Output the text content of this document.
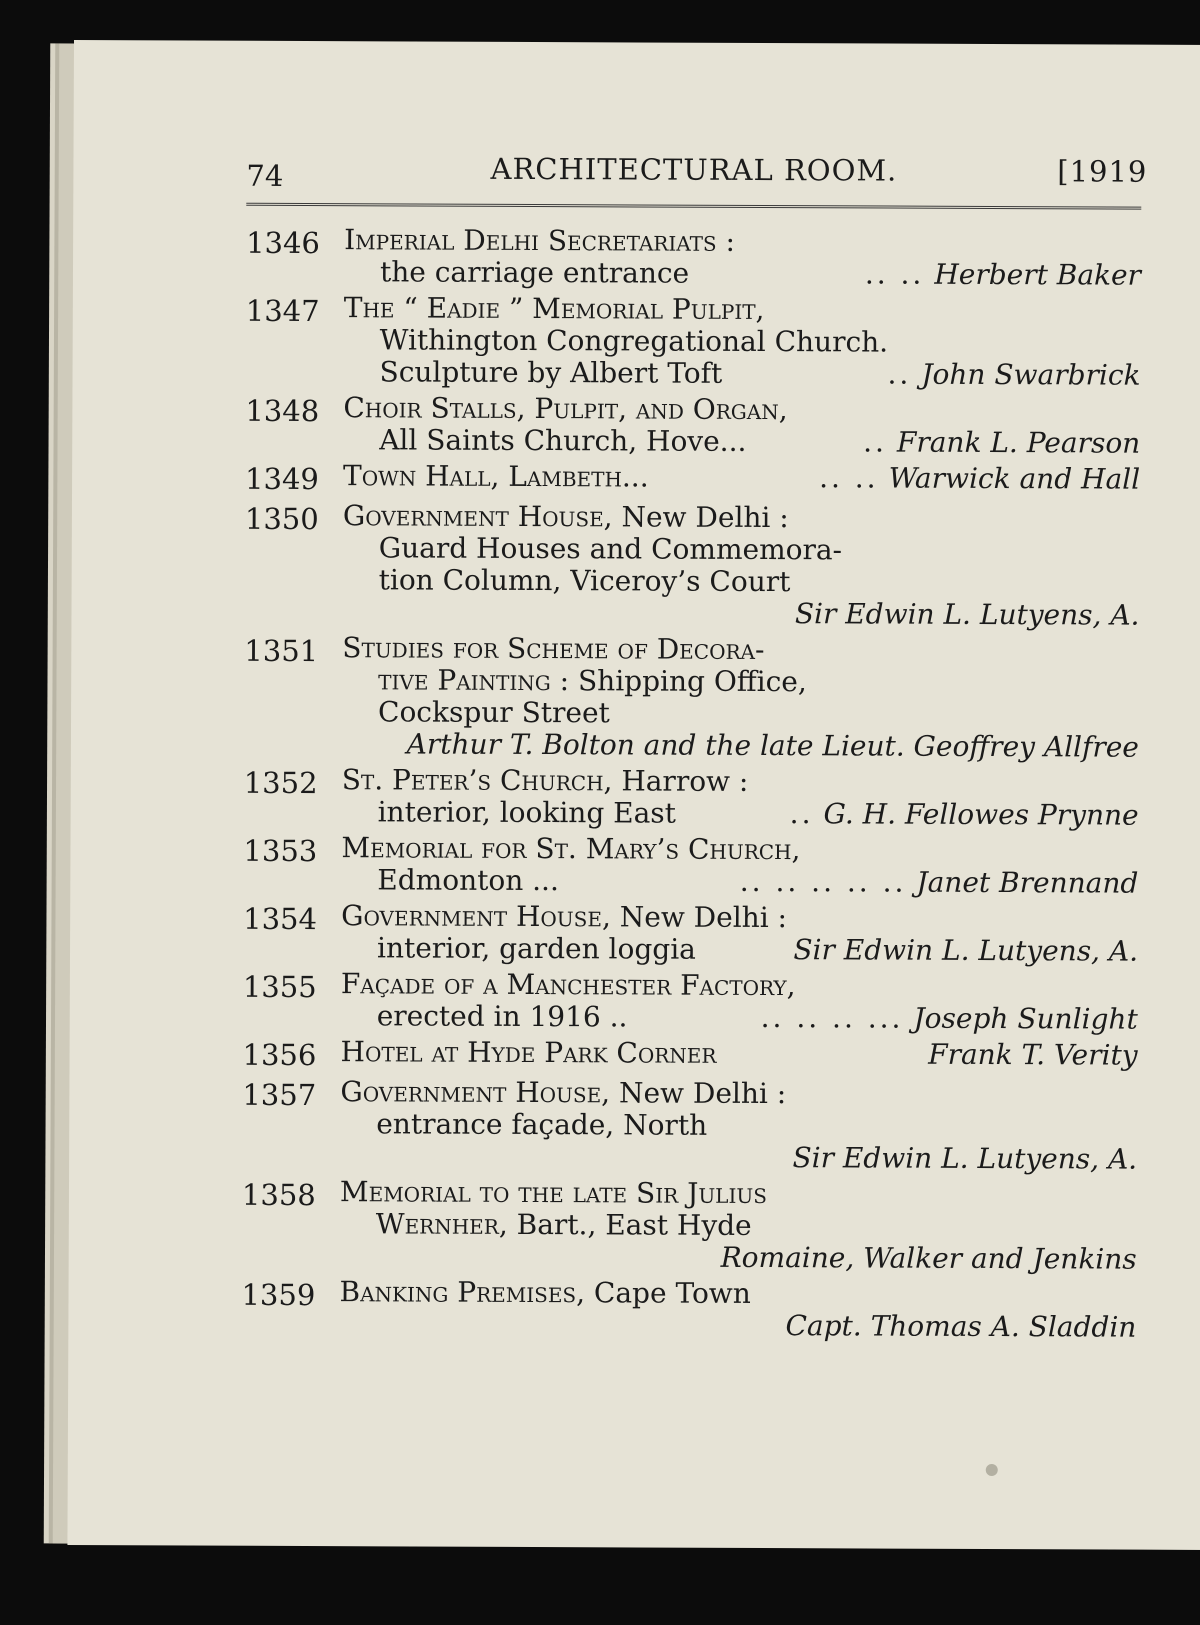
74	ARCHITECTURAL ROOM.	[1919
1346 Imperial Delhi Secretariats :
the carriage entrance	.. .. Herbert Baker
1347 The “ Eadie ” Memorial Pulpit,
Withington Congregational Church.
Sculpture by Albert Toft	.. John Swarbrick
1348 Choir Stalls, Pulpit, and Organ,
All Saints Church, Hove...	.. Frank L. Pearson
1349 Town Hall, Lambeth...	.. .. Warwick and Hall
1350 Government House, New Delhi :
Guard Houses and Commemora-
tion Column, Viceroy’s Court
Sir Edwin L. Lutyens, A.
1351 Studies for Scheme of Decora-
tive Painting :
Shipping Office,
Cockspur Street
Arthur T. Bolton and the late Lieut. Geoffrey Allfree
1352 St. Peter’s Church, Harrow :
interior, looking East	.. G. H. Fellowes Prynne
1353 Memorial for St. Mary’s Church,
Edmonton ...	.. .. .. .. .. Janet Brennand
1354 Government House, New Delhi :
interior, garden loggia	Sir Edwin L. Lutyens, A.
1355 Façade of a Manchester Factory,
erected in 1916 ..	.. .. .. ... Joseph Sunlight
1356 Hotel at Hyde Park Corner	Frank T. Verity
1357 Government House, New Delhi :
entrance façade, North
Sir Edwin L. Lutyens, A.
1358 Memorial to the late Sir Julius
Wernher,
Bart., East Hyde
Romaine, Walker and Jenkins
1359 Banking Premises, Cape Town
Capt. Thomas A. Sladdin
